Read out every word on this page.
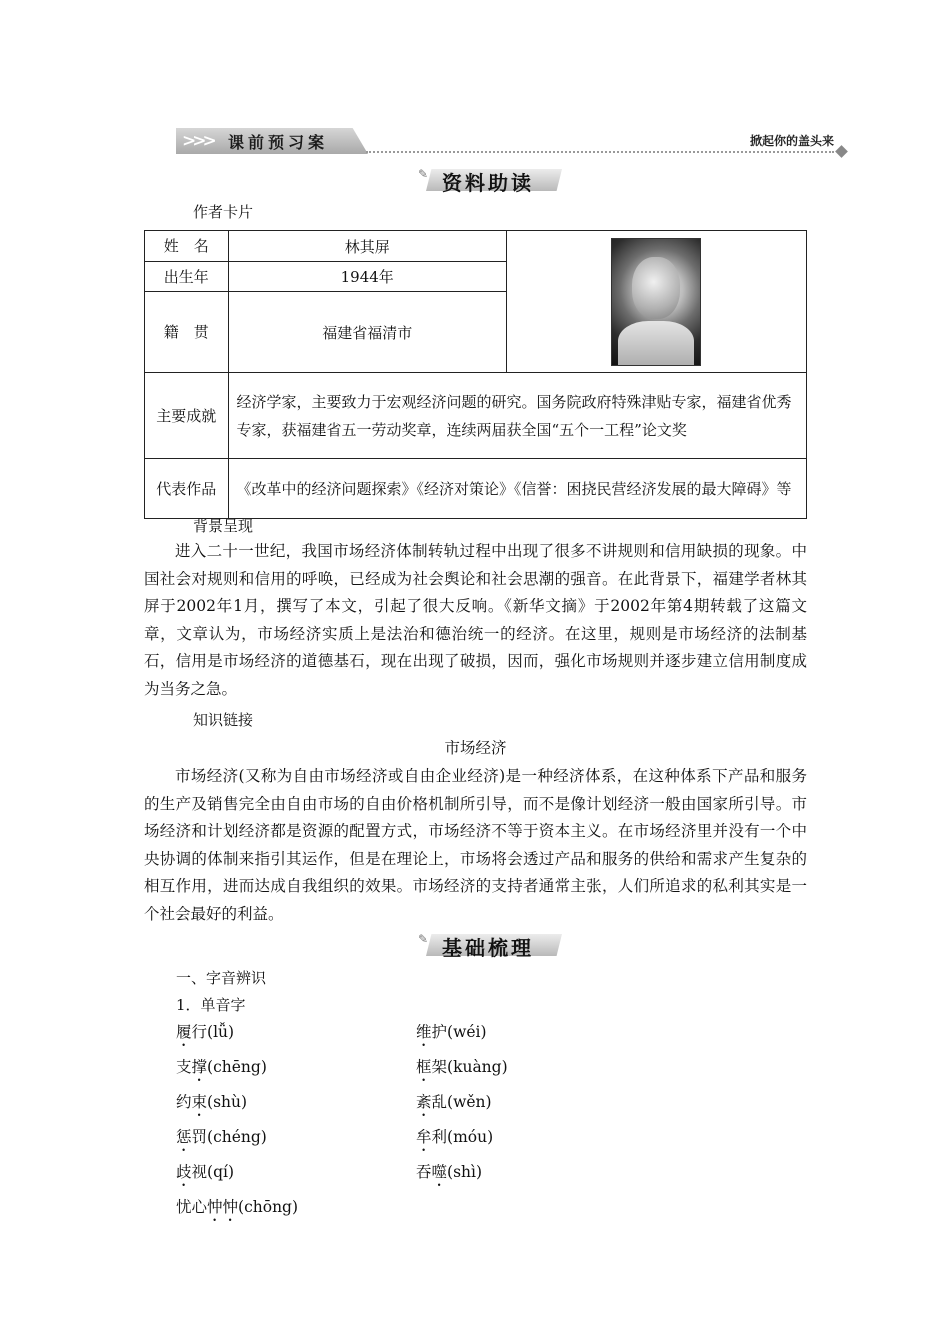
>>> 课前预习案	掀起你的盖头来
✎ 资料助读
作者卡片
姓　名	林其屏	

出生年	1944年	
籍　贯	福建省福清市	
主要成就	经济学家，主要致力于宏观经济问题的研究。国务院政府特殊津贴专家，福建省优秀专家，获福建省五一劳动奖章，连续两届获全国“五个一工程”论文奖	
代表作品	《改革中的经济问题探索》《经济对策论》《信誉：困挠民营经济发展的最大障碍》等	
背景呈现

进入二十一世纪，我国市场经济体制转轨过程中出现了很多不讲规则和信用缺损的现象。中国社会对规则和信用的呼唤，已经成为社会舆论和社会思潮的强音。在此背景下，福建学者林其屏于2002年1月，撰写了本文，引起了很大反响。《新华文摘》于2002年第4期转载了这篇文章，文章认为，市场经济实质上是法治和德治统一的经济。在这里，规则是市场经济的法制基石，信用是市场经济的道德基石，现在出现了破损，因而，强化市场规则并逐步建立信用制度成为当务之急。

知识链接
市场经济

市场经济(又称为自由市场经济或自由企业经济)是一种经济体系，在这种体系下产品和服务的生产及销售完全由自由市场的自由价格机制所引导，而不是像计划经济一般由国家所引导。市场经济和计划经济都是资源的配置方式，市场经济不等于资本主义。在市场经济里并没有一个中央协调的体制来指引其运作，但是在理论上，市场将会透过产品和服务的供给和需求产生复杂的相互作用，进而达成自我组织的效果。市场经济的支持者通常主张，人们所追求的私利其实是一个社会最好的利益。

✎ 基础梳理
一、字音辨识
1．单音字
履行(lǚ)	维护(wéi)
支撑(chēng)	框架(kuàng)
约束(shù)	紊乱(wěn)
惩罚(chéng)	牟利(móu)
歧视(qí)	吞噬(shì)
忧心忡忡(chōng)
